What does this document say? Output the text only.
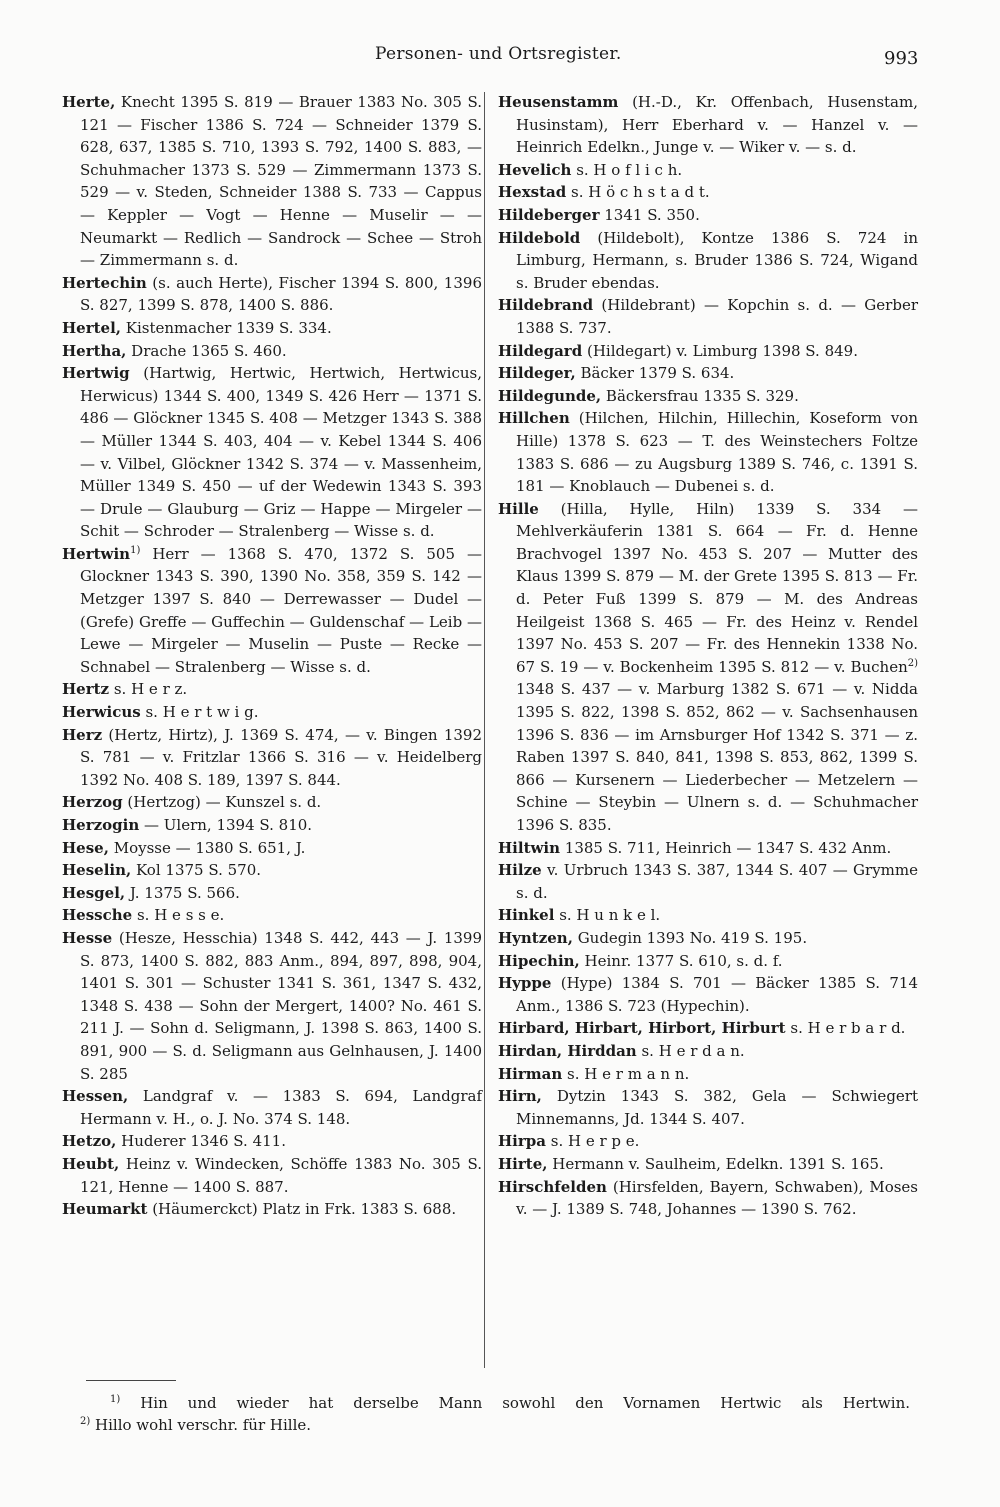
Personen- und Ortsregister.	993

Herte, Knecht 1395 S. 819 — Brauer 1383 No. 305 S. 121 — Fischer 1386 S. 724 — Schneider 1379 S. 628, 637, 1385 S. 710, 1393 S. 792, 1400 S. 883, — Schuhmacher 1373 S. 529 — Zimmermann 1373 S. 529 — v. Steden, Schneider 1388 S. 733 — Cappus — Keppler — Vogt — Henne — Muselir — — Neumarkt — Redlich — Sandrock — Schee — Stroh — Zimmermann s. d.

Hertechin (s. auch Herte), Fischer 1394 S. 800, 1396 S. 827, 1399 S. 878, 1400 S. 886.

Hertel, Kistenmacher 1339 S. 334.

Hertha, Drache 1365 S. 460.

Hertwig (Hartwig, Hertwic, Hertwich, Hertwicus, Herwicus) 1344 S. 400, 1349 S. 426 Herr — 1371 S. 486 — Glöckner 1345 S. 408 — Metzger 1343 S. 388 — Müller 1344 S. 403, 404 — v. Kebel 1344 S. 406 — v. Vilbel, Glöckner 1342 S. 374 — v. Massenheim, Müller 1349 S. 450 — uf der Wedewin 1343 S. 393 — Drule — Glauburg — Griz — Happe — Mirgeler — Schit — Schroder — Stralenberg — Wisse s. d.

Hertwin$^{1)}$ Herr — 1368 S. 470, 1372 S. 505 — Glockner 1343 S. 390, 1390 No. 358, 359 S. 142 — Metzger 1397 S. 840 — Derrewasser — Dudel — (Grefe) Greffe — Guffechin — Guldenschaf — Leib — Lewe — Mirgeler — Muselin — Puste — Recke — Schnabel — Stralenberg — Wisse s. d.

Hertz s. H e r z.

Herwicus s. H e r t w i g.

Herz (Hertz, Hirtz), J. 1369 S. 474, — v. Bingen 1392 S. 781 — v. Fritzlar 1366 S. 316 — v. Heidelberg 1392 No. 408 S. 189, 1397 S. 844.

Herzog (Hertzog) — Kunszel s. d.

Herzogin — Ulern, 1394 S. 810.

Hese, Moysse — 1380 S. 651, J.

Heselin, Kol 1375 S. 570.

Hesgel, J. 1375 S. 566.

Hessche s. H e s s e.

Hesse (Hesze, Hesschia) 1348 S. 442, 443 — J. 1399 S. 873, 1400 S. 882, 883 Anm., 894, 897, 898, 904, 1401 S. 301 — Schuster 1341 S. 361, 1347 S. 432, 1348 S. 438 — Sohn der Mergert, 1400? No. 461 S. 211 J. — Sohn d. Seligmann, J. 1398 S. 863, 1400 S. 891, 900 — S. d. Seligmann aus Gelnhausen, J. 1400 S. 285

Hessen, Landgraf v. — 1383 S. 694, Landgraf Hermann v. H., o. J. No. 374 S. 148.

Hetzo, Huderer 1346 S. 411.

Heubt, Heinz v. Windecken, Schöffe 1383 No. 305 S. 121, Henne — 1400 S. 887.

Heumarkt (Häumerckct) Platz in Frk. 1383 S. 688.

Heusenstamm (H.-D., Kr. Offenbach, Husenstam, Husinstam), Herr Eberhard v. — Hanzel v. — Heinrich Edelkn., Junge v. — Wiker v. — s. d.

Hevelich s. H o f l i c h.

Hexstad s. H ö c h s t a d t.

Hildeberger 1341 S. 350.

Hildebold (Hildebolt), Kontze 1386 S. 724 in Limburg, Hermann, s. Bruder 1386 S. 724, Wigand s. Bruder ebendas.

Hildebrand (Hildebrant) — Kopchin s. d. — Gerber 1388 S. 737.

Hildegard (Hildegart) v. Limburg 1398 S. 849.

Hildeger, Bäcker 1379 S. 634.

Hildegunde, Bäckersfrau 1335 S. 329.

Hillchen (Hilchen, Hilchin, Hillechin, Koseform von Hille) 1378 S. 623 — T. des Weinstechers Foltze 1383 S. 686 — zu Augsburg 1389 S. 746, c. 1391 S. 181 — Knoblauch — Dubenei s. d.

Hille (Hilla, Hylle, Hiln) 1339 S. 334 — Mehlverkäuferin 1381 S. 664 — Fr. d. Henne Brachvogel 1397 No. 453 S. 207 — Mutter des Klaus 1399 S. 879 — M. der Grete 1395 S. 813 — Fr. d. Peter Fuß 1399 S. 879 — M. des Andreas Heilgeist 1368 S. 465 — Fr. des Heinz v. Rendel 1397 No. 453 S. 207 — Fr. des Hennekin 1338 No. 67 S. 19 — v. Bockenheim 1395 S. 812 — v. Buchen$^{2)}$ 1348 S. 437 — v. Marburg 1382 S. 671 — v. Nidda 1395 S. 822, 1398 S. 852, 862 — v. Sachsenhausen 1396 S. 836 — im Arnsburger Hof 1342 S. 371 — z. Raben 1397 S. 840, 841, 1398 S. 853, 862, 1399 S. 866 — Kursenern — Liederbecher — Metzelern — Schine — Steybin — Ulnern s. d. — Schuhmacher 1396 S. 835.

Hiltwin 1385 S. 711, Heinrich — 1347 S. 432 Anm.

Hilze v. Urbruch 1343 S. 387, 1344 S. 407 — Grymme s. d.

Hinkel s. H u n k e l.

Hyntzen, Gudegin 1393 No. 419 S. 195.

Hipechin, Heinr. 1377 S. 610, s. d. f.

Hyppe (Hype) 1384 S. 701 — Bäcker 1385 S. 714 Anm., 1386 S. 723 (Hypechin).

Hirbard, Hirbart, Hirbort, Hirburt s. H e r b a r d.

Hirdan, Hirddan s. H e r d a n.

Hirman s. H e r m a n n.

Hirn, Dytzin 1343 S. 382, Gela — Schwiegert Minnemanns, Jd. 1344 S. 407.

Hirpa s. H e r p e.

Hirte, Hermann v. Saulheim, Edelkn. 1391 S. 165.

Hirschfelden (Hirsfelden, Bayern, Schwaben), Moses v. — J. 1389 S. 748, Johannes — 1390 S. 762.

$^{1)}$ Hin und wieder hat derselbe Mann sowohl den Vornamen Hertwic als Hertwin.

$^{2)}$ Hillo wohl verschr. für Hille.
